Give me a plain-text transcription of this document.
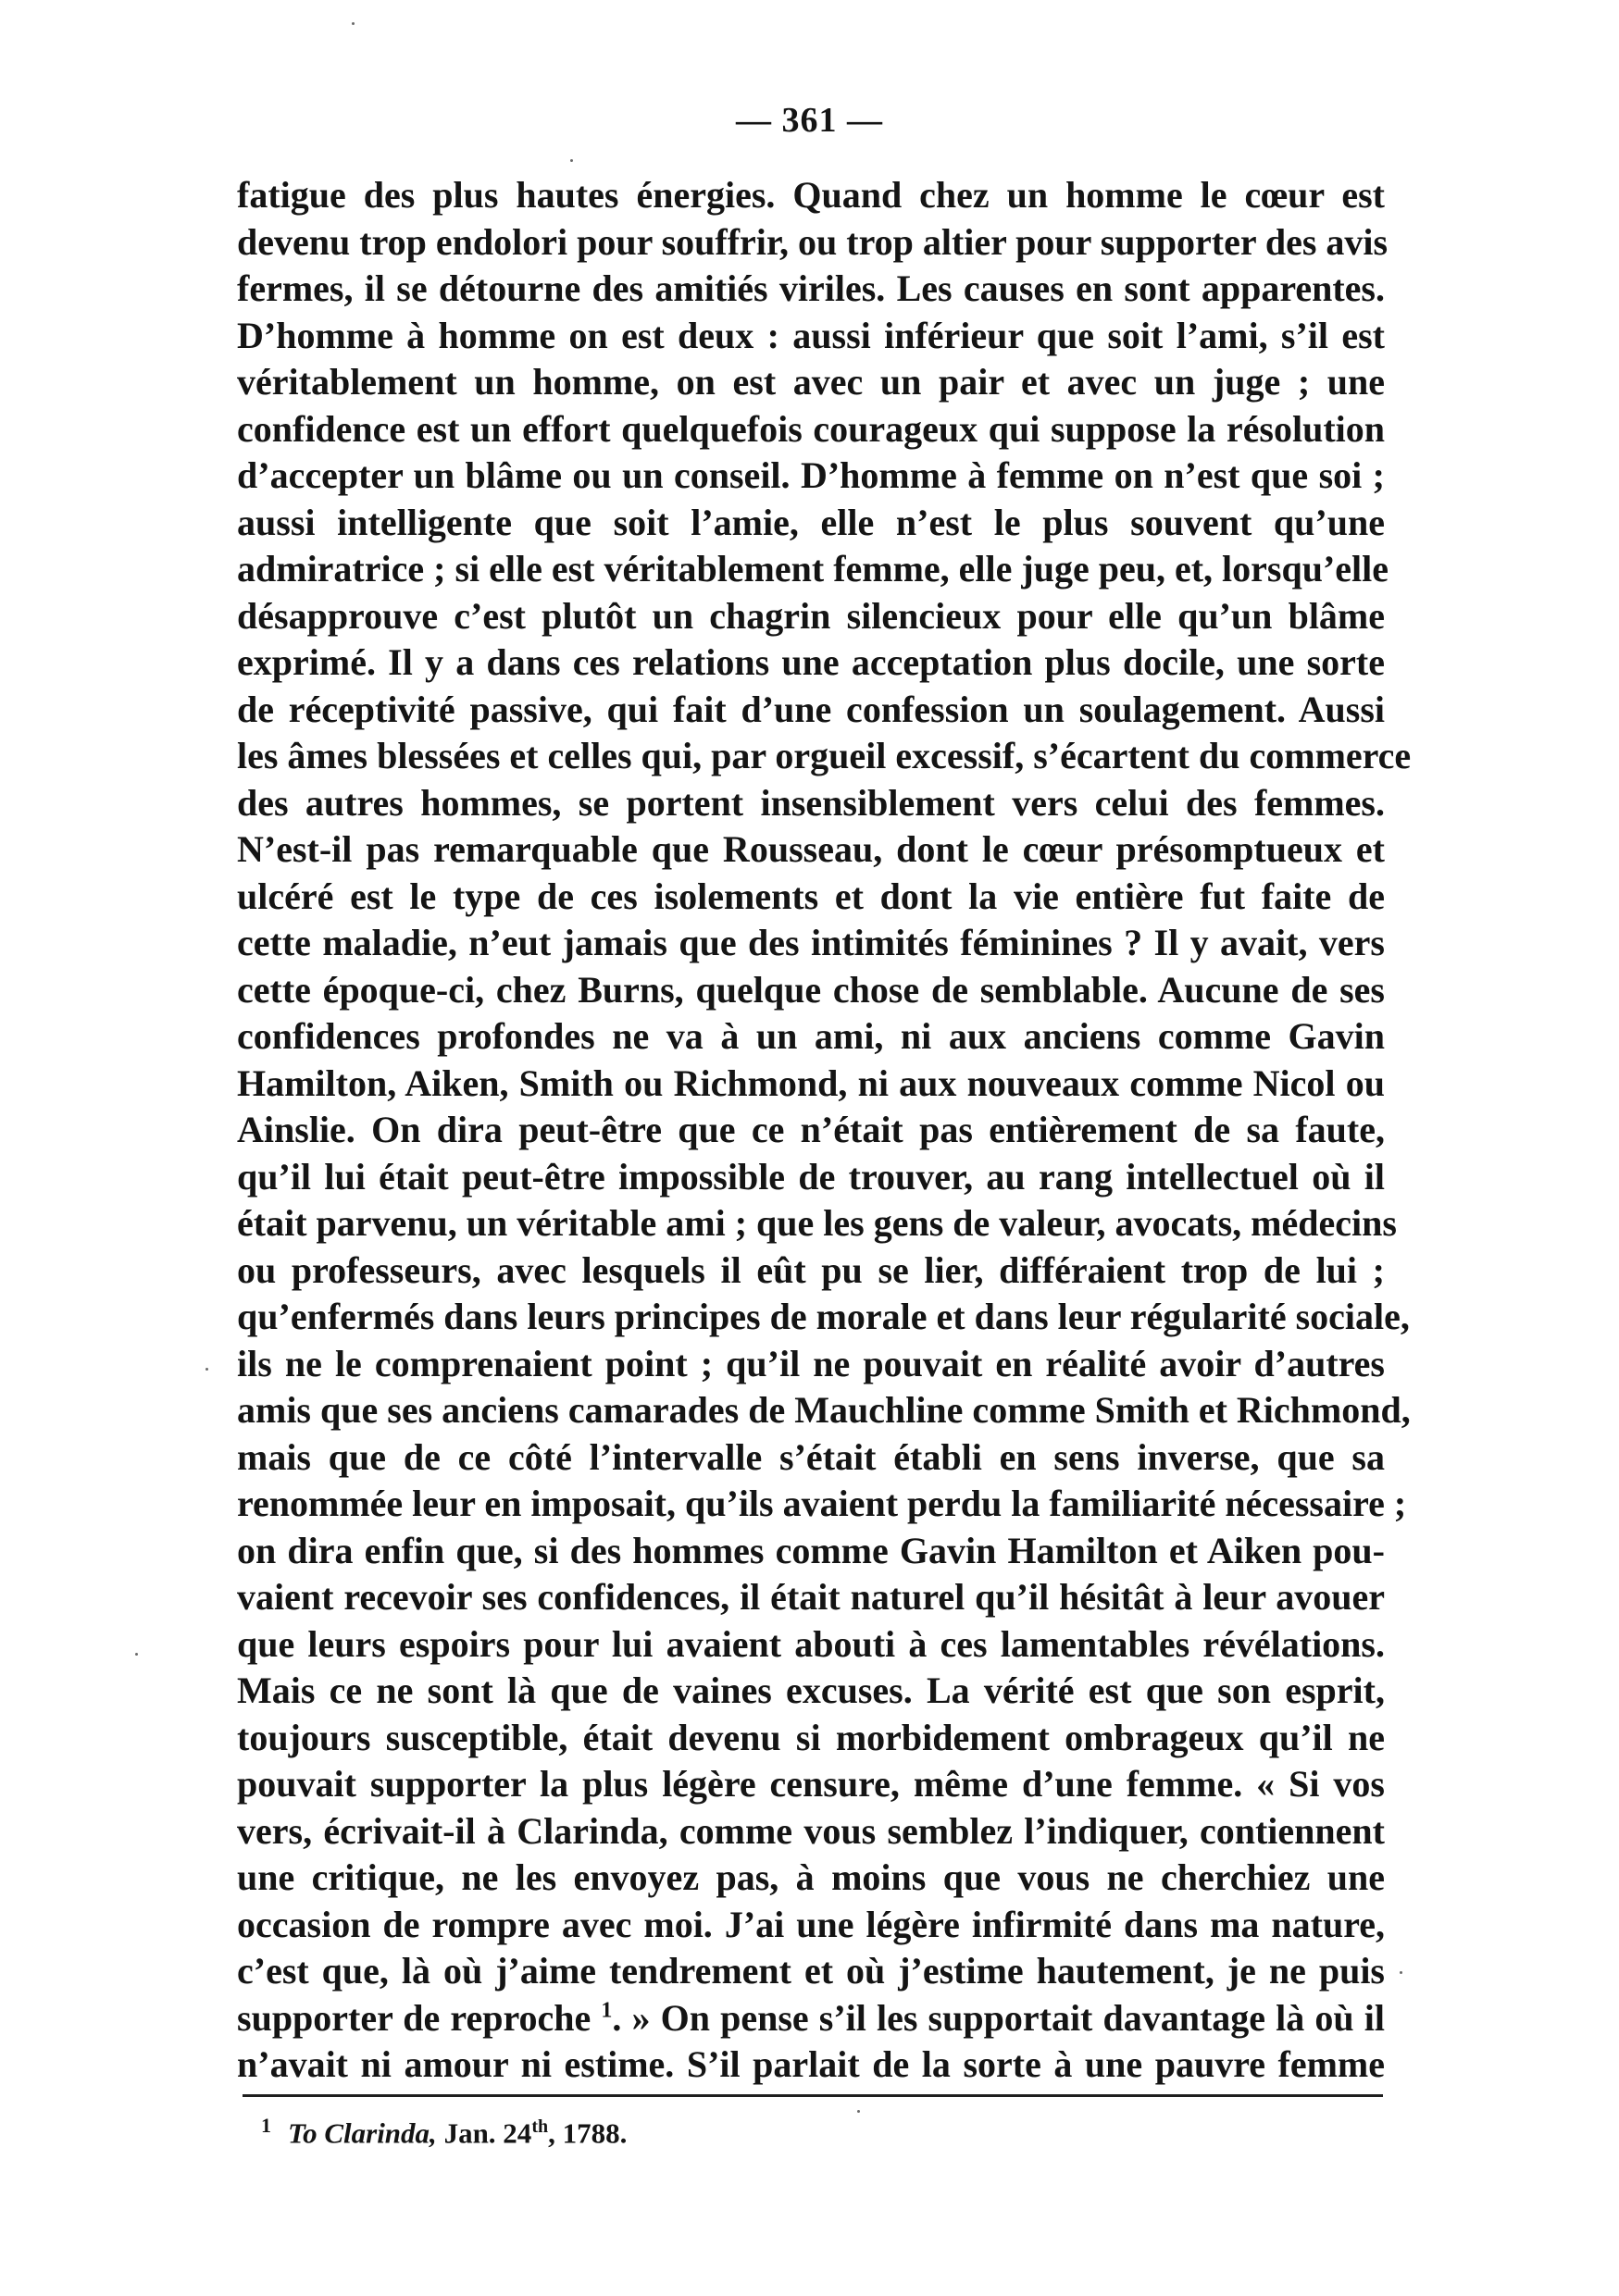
— 361 —
fatigue des plus hautes énergies. Quand chez un homme le cœur est
devenu trop endolori pour souffrir, ou trop altier pour supporter des avis
fermes, il se détourne des amitiés viriles. Les causes en sont apparentes.
D’homme à homme on est deux : aussi inférieur que soit l’ami, s’il est
véritablement un homme, on est avec un pair et avec un juge ; une
confidence est un effort quelquefois courageux qui suppose la résolution
d’accepter un blâme ou un conseil. D’homme à femme on n’est que soi ;
aussi intelligente que soit l’amie, elle n’est le plus souvent qu’une
admiratrice ; si elle est véritablement femme, elle juge peu, et, lorsqu’elle
désapprouve c’est plutôt un chagrin silencieux pour elle qu’un blâme
exprimé. Il y a dans ces relations une acceptation plus docile, une sorte
de réceptivité passive, qui fait d’une confession un soulagement. Aussi
les âmes blessées et celles qui, par orgueil excessif, s’écartent du commerce
des autres hommes, se portent insensiblement vers celui des femmes.
N’est-il pas remarquable que Rousseau, dont le cœur présomptueux et
ulcéré est le type de ces isolements et dont la vie entière fut faite de
cette maladie, n’eut jamais que des intimités féminines ? Il y avait, vers
cette époque-ci, chez Burns, quelque chose de semblable. Aucune de ses
confidences profondes ne va à un ami, ni aux anciens comme Gavin
Hamilton, Aiken, Smith ou Richmond, ni aux nouveaux comme Nicol ou
Ainslie. On dira peut-être que ce n’était pas entièrement de sa faute,
qu’il lui était peut-être impossible de trouver, au rang intellectuel où il
était parvenu, un véritable ami ; que les gens de valeur, avocats, médecins
ou professeurs, avec lesquels il eût pu se lier, différaient trop de lui ;
qu’enfermés dans leurs principes de morale et dans leur régularité sociale,
ils ne le comprenaient point ; qu’il ne pouvait en réalité avoir d’autres
amis que ses anciens camarades de Mauchline comme Smith et Richmond,
mais que de ce côté l’intervalle s’était établi en sens inverse, que sa
renommée leur en imposait, qu’ils avaient perdu la familiarité nécessaire ;
on dira enfin que, si des hommes comme Gavin Hamilton et Aiken pou-
vaient recevoir ses confidences, il était naturel qu’il hésitât à leur avouer
que leurs espoirs pour lui avaient abouti à ces lamentables révélations.
Mais ce ne sont là que de vaines excuses. La vérité est que son esprit,
toujours susceptible, était devenu si morbidement ombrageux qu’il ne
pouvait supporter la plus légère censure, même d’une femme. « Si vos
vers, écrivait-il à Clarinda, comme vous semblez l’indiquer, contiennent
une critique, ne les envoyez pas, à moins que vous ne cherchiez une
occasion de rompre avec moi. J’ai une légère infirmité dans ma nature,
c’est que, là où j’aime tendrement et où j’estime hautement, je ne puis
supporter de reproche $^1$. » On pense s’il les supportait davantage là où il
n’avait ni amour ni estime. S’il parlait de la sorte à une pauvre femme
$^1$ To Clarinda, Jan. 24th, 1788.
